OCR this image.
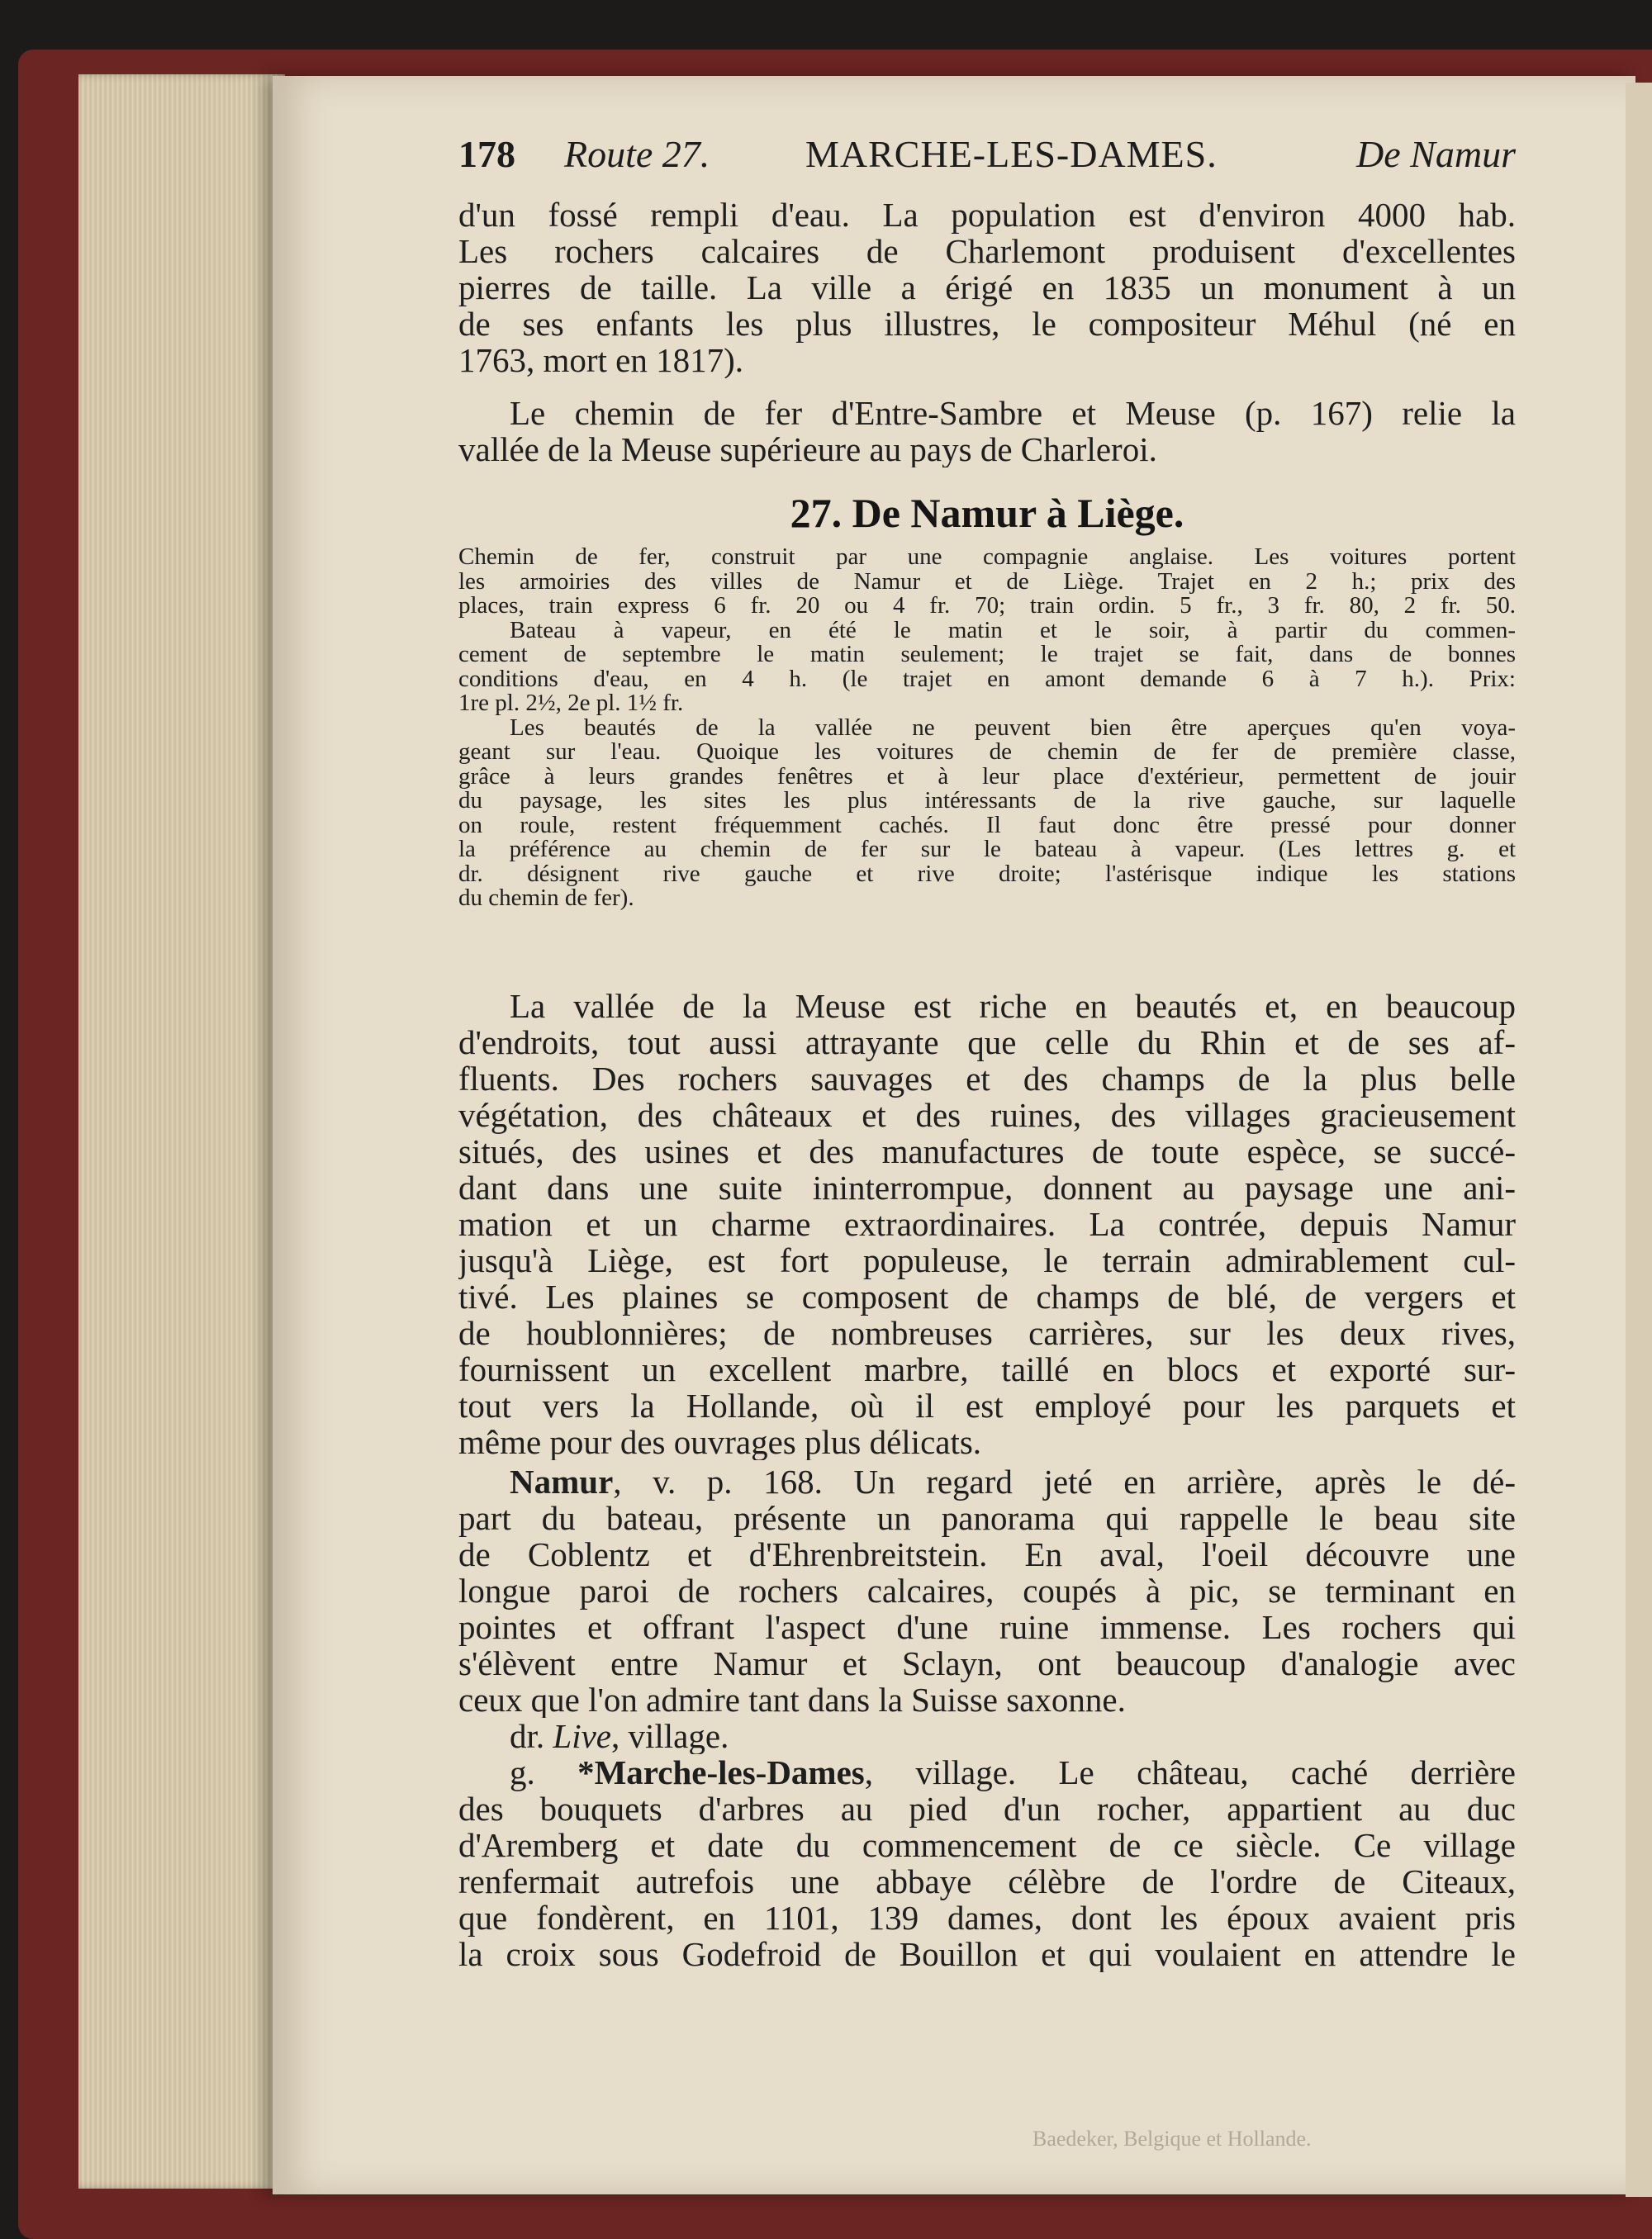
178 Route 27.	MARCHE-LES-DAMES.	De Namur
d'un fossé rempli d'eau. La population est d'environ 4000 hab.
Les rochers calcaires de Charlemont produisent d'excellentes
pierres de taille. La ville a érigé en 1835 un monument à un
de ses enfants les plus illustres, le compositeur Méhul (né en
1763, mort en 1817).
Le chemin de fer d'Entre-Sambre et Meuse (p. 167) relie la
vallée de la Meuse supérieure au pays de Charleroi.
27. De Namur à Liège.
Chemin de fer, construit par une compagnie anglaise. Les voitures portent
les armoiries des villes de Namur et de Liège. Trajet en 2 h.; prix des
places, train express 6 fr. 20 ou 4 fr. 70; train ordin. 5 fr., 3 fr. 80, 2 fr. 50.
Bateau à vapeur, en été le matin et le soir, à partir du commen-
cement de septembre le matin seulement; le trajet se fait, dans de bonnes
conditions d'eau, en 4 h. (le trajet en amont demande 6 à 7 h.). Prix:
1re pl. 2½, 2e pl. 1½ fr.
Les beautés de la vallée ne peuvent bien être aperçues qu'en voya-
geant sur l'eau. Quoique les voitures de chemin de fer de première classe,
grâce à leurs grandes fenêtres et à leur place d'extérieur, permettent de jouir
du paysage, les sites les plus intéressants de la rive gauche, sur laquelle
on roule, restent fréquemment cachés. Il faut donc être pressé pour donner
la préférence au chemin de fer sur le bateau à vapeur. (Les lettres g. et
dr. désignent rive gauche et rive droite; l'astérisque indique les stations
du chemin de fer).
La vallée de la Meuse est riche en beautés et, en beaucoup
d'endroits, tout aussi attrayante que celle du Rhin et de ses af-
fluents. Des rochers sauvages et des champs de la plus belle
végétation, des châteaux et des ruines, des villages gracieusement
situés, des usines et des manufactures de toute espèce, se succé-
dant dans une suite ininterrompue, donnent au paysage une ani-
mation et un charme extraordinaires. La contrée, depuis Namur
jusqu'à Liège, est fort populeuse, le terrain admirablement cul-
tivé. Les plaines se composent de champs de blé, de vergers et
de houblonnières; de nombreuses carrières, sur les deux rives,
fournissent un excellent marbre, taillé en blocs et exporté sur-
tout vers la Hollande, où il est employé pour les parquets et
même pour des ouvrages plus délicats.
Namur, v. p. 168. Un regard jeté en arrière, après le dé-
part du bateau, présente un panorama qui rappelle le beau site
de Coblentz et d'Ehrenbreitstein. En aval, l'oeil découvre une
longue paroi de rochers calcaires, coupés à pic, se terminant en
pointes et offrant l'aspect d'une ruine immense. Les rochers qui
s'élèvent entre Namur et Sclayn, ont beaucoup d'analogie avec
ceux que l'on admire tant dans la Suisse saxonne.
dr. Live, village.
g. *Marche-les-Dames, village. Le château, caché derrière
des bouquets d'arbres au pied d'un rocher, appartient au duc
d'Aremberg et date du commencement de ce siècle. Ce village
renfermait autrefois une abbaye célèbre de l'ordre de Citeaux,
que fondèrent, en 1101, 139 dames, dont les époux avaient pris
la croix sous Godefroid de Bouillon et qui voulaient en attendre le
Baedeker, Belgique et Hollande.
